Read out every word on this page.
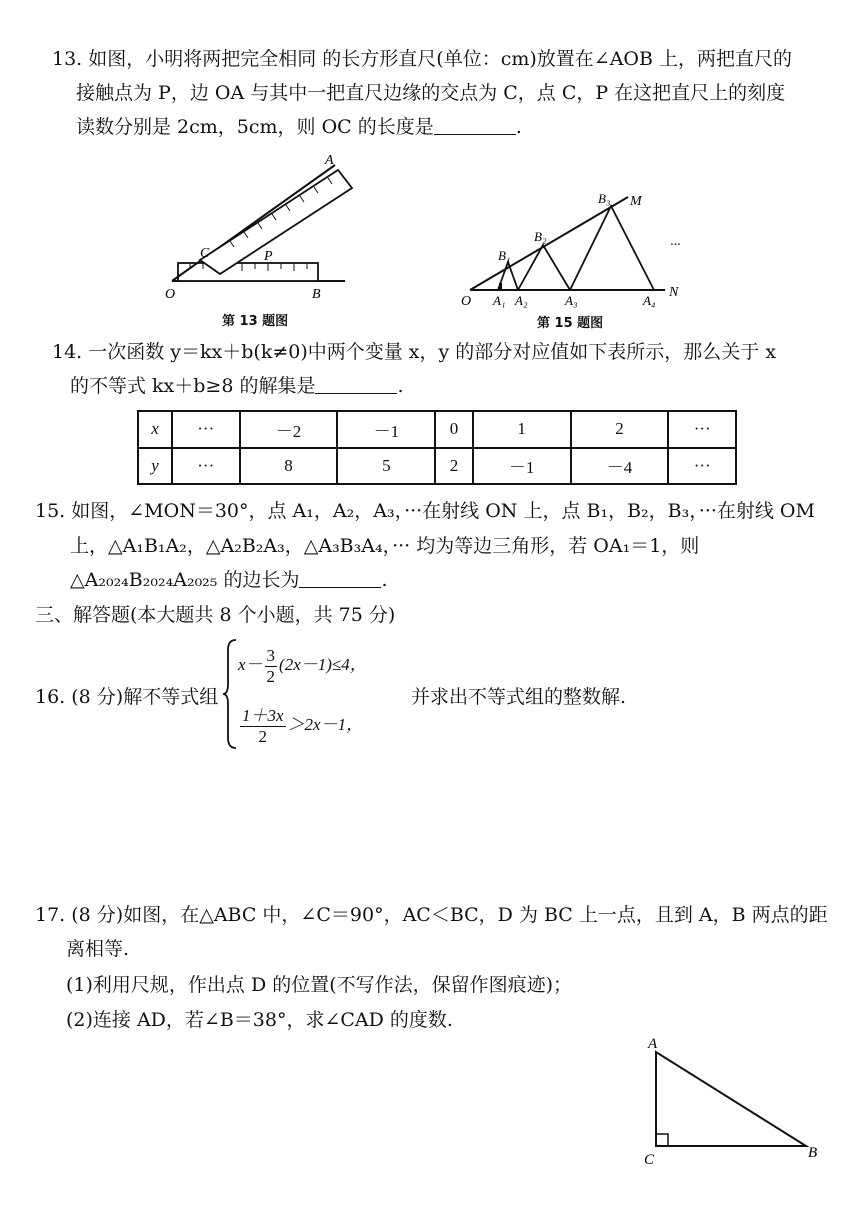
13. 如图，小明将两把完全相同 的长方形直尺(单位：cm)放置在∠AOB 上，两把直尺的
接触点为 P，边 OA 与其中一把直尺边缘的交点为 C，点 C，P 在这把直尺上的刻度
读数分别是 2cm，5cm，则 OC 的长度是	.
A
C	P
O	B
第 13 题图
O A₁ A₂	A₃	A₄
N
B₁
B₂
B₃ M
···
第 15 题图
14. 一次函数 y＝kx＋b(k≠0)中两个变量 x，y 的部分对应值如下表所示，那么关于 x
的不等式 kx＋b≥8 的解集是	.
x	···	－2	－1	0	1	2	···
y	···	8	5	2	－1	－4	···
15. 如图，∠MON＝30°，点 A₁，A₂，A₃，···在射线 ON 上，点 B₁，B₂，B₃，···在射线 OM
上，△A₁B₁A₂，△A₂B₂A₃，△A₃B₃A₄，··· 均为等边三角形，若 OA₁＝1，则
△A₂₀₂₄B₂₀₂₄A₂₀₂₅ 的边长为	.
三、解答题(本大题共 8 个小题，共 75 分)
16. (8 分)解不等式组
$x- \frac{3}{2} (2x-1)\le 4$，
$\frac{1+3x}{2} >2x-1$，
并求出不等式组的整数解.
17. (8 分)如图，在△ABC 中，∠C＝90°，AC＜BC，D 为 BC 上一点，且到 A，B 两点的距
离相等.
(1)利用尺规，作出点 D 的位置(不写作法，保留作图痕迹)；
(2)连接 AD，若∠B＝38°，求∠CAD 的度数.
A
C	B
